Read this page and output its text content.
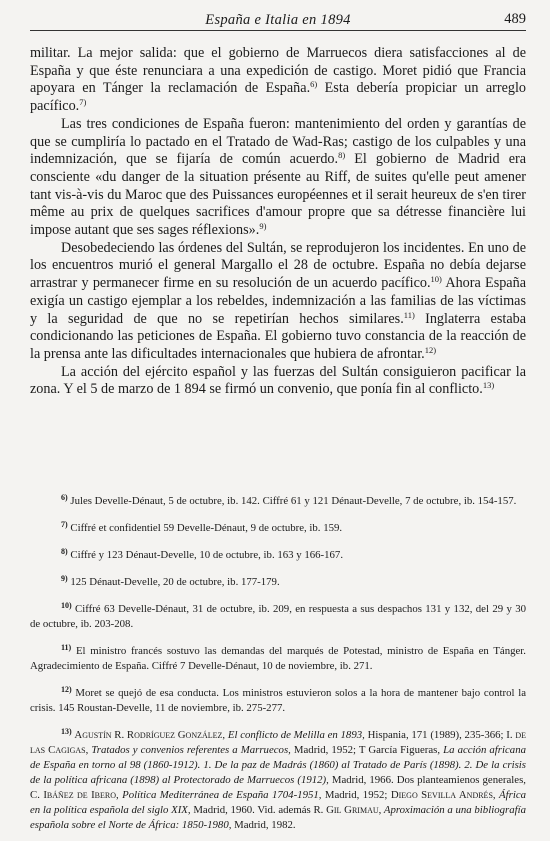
España e Italia en 1894	489

militar. La mejor salida: que el gobierno de Marruecos diera satisfacciones al de España y que éste renunciara a una expedición de castigo. Moret pidió que Francia apoyara en Tánger la reclamación de España.$^{6)}$ Esta debería propiciar un arreglo pacífico.$^{7)}$

Las tres condiciones de España fueron: mantenimiento del orden y garantías de que se cumpliría lo pactado en el Tratado de Wad-Ras; castigo de los culpables y una indemnización, que se fijaría de común acuerdo.$^{8)}$ El gobierno de Madrid era consciente «du danger de la situation présente au Riff, de suites qu'elle peut amener tant vis-à-vis du Maroc que des Puissances européennes et il serait heureux de s'en tirer même au prix de quelques sacrifices d'amour propre que sa détresse financière lui impose autant que ses sages réflexions».$^{9)}$

Desobedeciendo las órdenes del Sultán, se reprodujeron los incidentes. En uno de los encuentros murió el general Margallo el 28 de octubre. España no debía dejarse arrastrar y permanecer firme en su resolución de un acuerdo pacífico.$^{10)}$ Ahora España exigía un castigo ejemplar a los rebeldes, indemnización a las familias de las víctimas y la seguridad de que no se repetirían hechos similares.$^{11)}$ Inglaterra estaba condicionando las peticiones de España. El gobierno tuvo constancia de la reacción de la prensa ante las dificultades internacionales que hubiera de afrontar.$^{12)}$

La acción del ejército español y las fuerzas del Sultán consiguieron pacificar la zona. Y el 5 de marzo de 1 894 se firmó un convenio, que ponía fin al conflicto.$^{13)}$

$^{6)}$ Jules Develle-Dénaut, 5 de octubre, ib. 142. Ciffré 61 y 121 Dénaut-Develle, 7 de octubre, ib. 154-157.

$^{7)}$ Ciffré et confidentiel 59 Develle-Dénaut, 9 de octubre, ib. 159.

$^{8)}$ Ciffré y 123 Dénaut-Develle, 10 de octubre, ib. 163 y 166-167.

$^{9)}$ 125 Dénaut-Develle, 20 de octubre, ib. 177-179.

$^{10)}$ Ciffré 63 Develle-Dénaut, 31 de octubre, ib. 209, en respuesta a sus despachos 131 y 132, del 29 y 30 de octubre, ib. 203-208.

$^{11)}$ El ministro francés sostuvo las demandas del marqués de Potestad, ministro de España en Tánger. Agradecimiento de España. Ciffré 7 Develle-Dénaut, 10 de noviembre, ib. 271.

$^{12)}$ Moret se quejó de esa conducta. Los ministros estuvieron solos a la hora de mantener bajo control la crisis. 145 Roustan-Develle, 11 de noviembre, ib. 275-277.

$^{13)}$ Agustín R. Rodríguez González, El conflicto de Melilla en 1893, Hispania, 171 (1989), 235-366; I. de las Cagigas, Tratados y convenios referentes a Marruecos, Madrid, 1952; T García Figueras, La acción africana de España en torno al 98 (1860-1912). 1. De la paz de Madrás (1860) al Tratado de París (1898). 2. De la crisis de la política africana (1898) al Protectorado de Marruecos (1912), Madrid, 1966. Dos planteamienos generales, C. Ibáñez de Ibero, Política Mediterránea de España 1704-1951, Madrid, 1952; Diego Sevilla Andrés, África en la política española del siglo XIX, Madrid, 1960. Vid. además R. Gil Grimau, Aproximación a una bibliografía española sobre el Norte de África: 1850-1980, Madrid, 1982.
